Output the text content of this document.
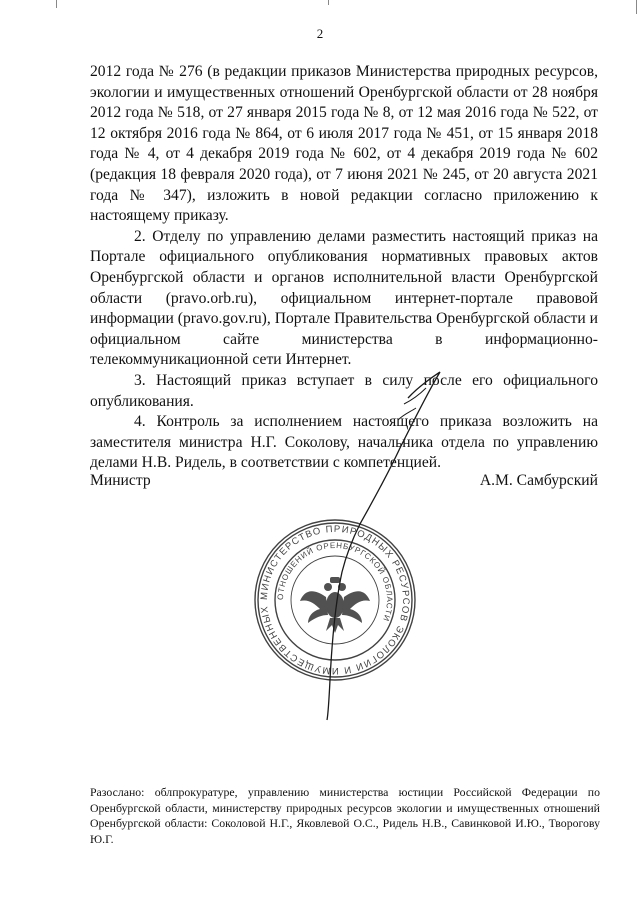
2

2012 года № 276 (в редакции приказов Министерства природных ресурсов, экологии и имущественных отношений Оренбургской области от 28 ноября 2012 года № 518, от 27 января 2015 года № 8, от 12 мая 2016 года № 522, от 12 октября 2016 года № 864, от 6 июля 2017 года № 451, от 15 января 2018 года № 4, от 4 декабря 2019 года № 602, от 4 декабря 2019 года № 602 (редакция 18 февраля 2020 года), от 7 июня 2021 № 245, от 20 августа 2021 года № 347), изложить в новой редакции согласно приложению к настоящему приказу.

2. Отделу по управлению делами разместить настоящий приказ на Портале официального опубликования нормативных правовых актов Оренбургской области и органов исполнительной власти Оренбургской области (pravo.orb.ru), официальном интернет-портале правовой информации (pravo.gov.ru), Портале Правительства Оренбургской области и официальном сайте министерства в информационно-телекоммуникационной сети Интернет.

3. Настоящий приказ вступает в силу после его официального опубликования.

4. Контроль за исполнением настоящего приказа возложить на заместителя министра Н.Г. Соколову, начальника отдела по управлению делами Н.В. Ридель, в соответствии с компетенцией.

Министр	А.М. Самбурский
МИНИСТЕРСТВО ПРИРОДНЫХ РЕСУРСОВ ЭКОЛОГИИ И ИМУЩЕСТВЕННЫХ
ОТНОШЕНИЙ ОРЕНБУРГСКОЙ ОБЛАСТИ
Разослано: облпрокуратуре, управлению министерства юстиции Российской Федерации по Оренбургской области, министерству природных ресурсов экологии и имущественных отношений Оренбургской области: Соколовой Н.Г., Яковлевой О.С., Ридель Н.В., Савинковой И.Ю., Творогову Ю.Г.
